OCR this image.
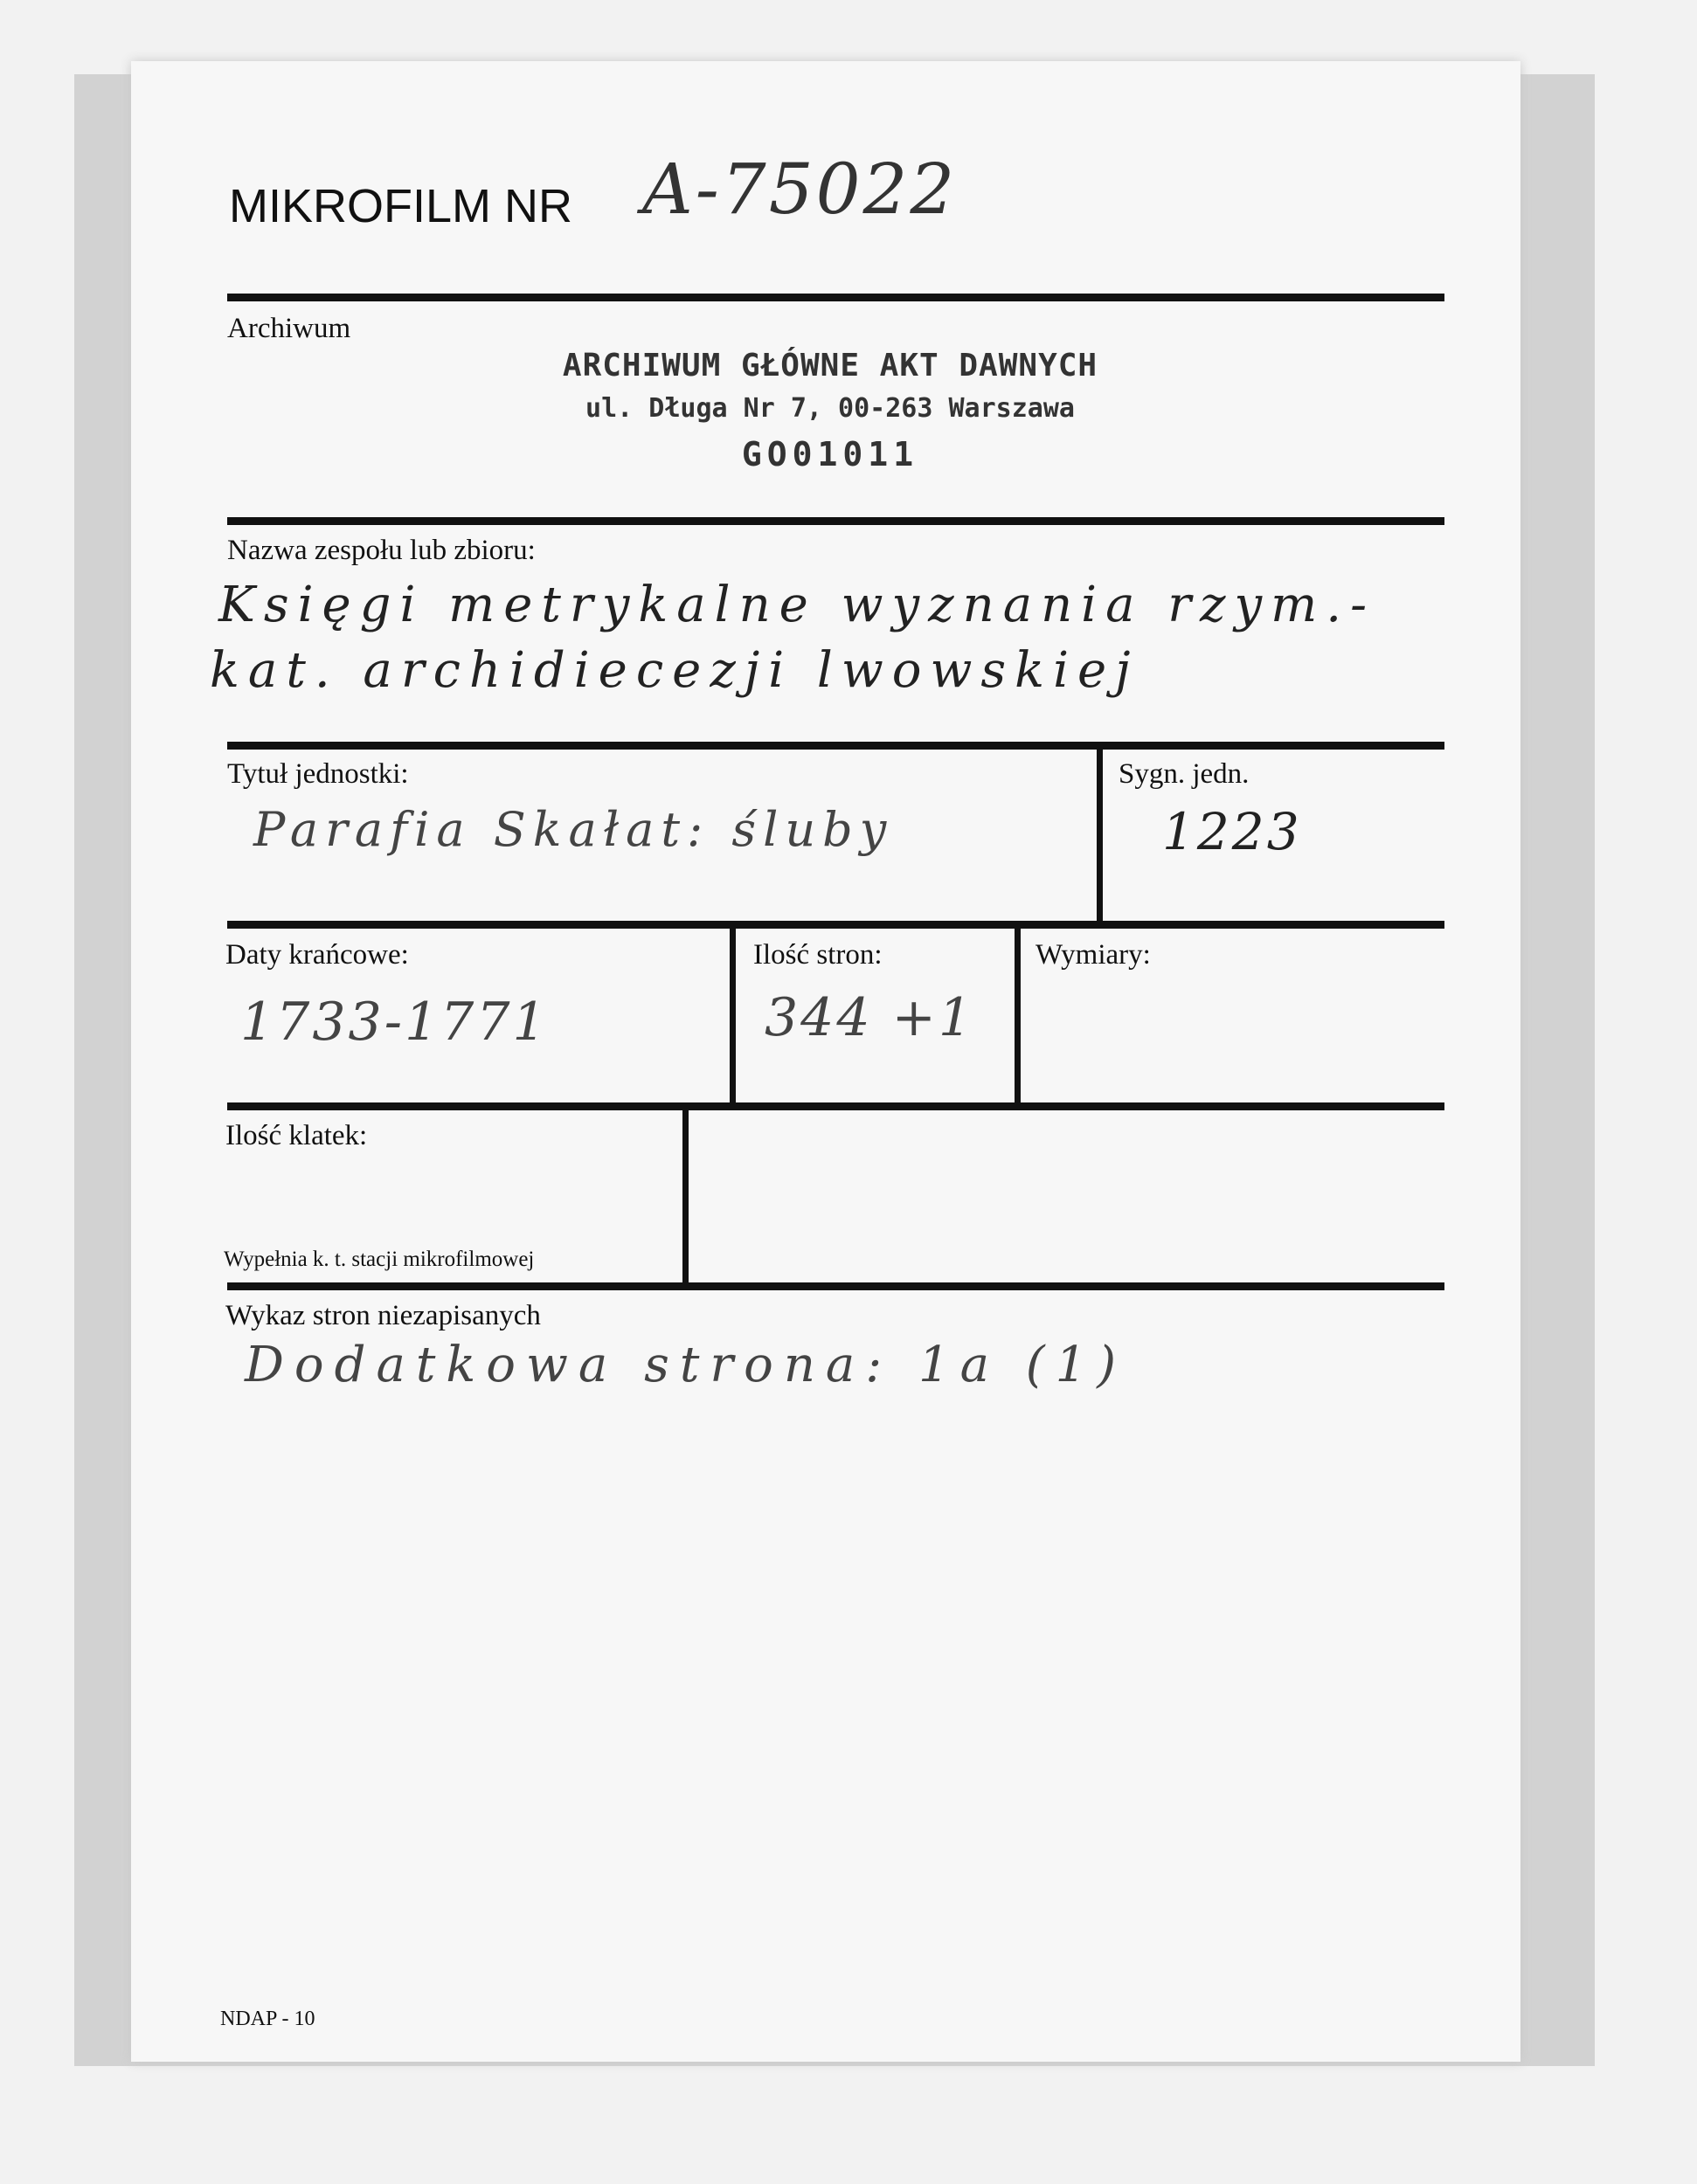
MIKROFILM NR A-75022
Archiwum
ARCHIWUM GŁÓWNE AKT DAWNYCH
ul. Długa Nr 7, 00-263 Warszawa
GO01011
Nazwa zespołu lub zbioru:
Księgi metrykalne wyznania rzym.-
kat. archidiecezji lwowskiej
Tytuł jednostki:
Parafia Skałat: śluby
Sygn. jedn.
1223
Daty krańcowe:
1733-1771
Ilość stron:
344 +1
Wymiary:
Ilość klatek:
Wypełnia k. t. stacji mikrofilmowej
Wykaz stron niezapisanych
Dodatkowa strona: 1a (1)
NDAP - 10
